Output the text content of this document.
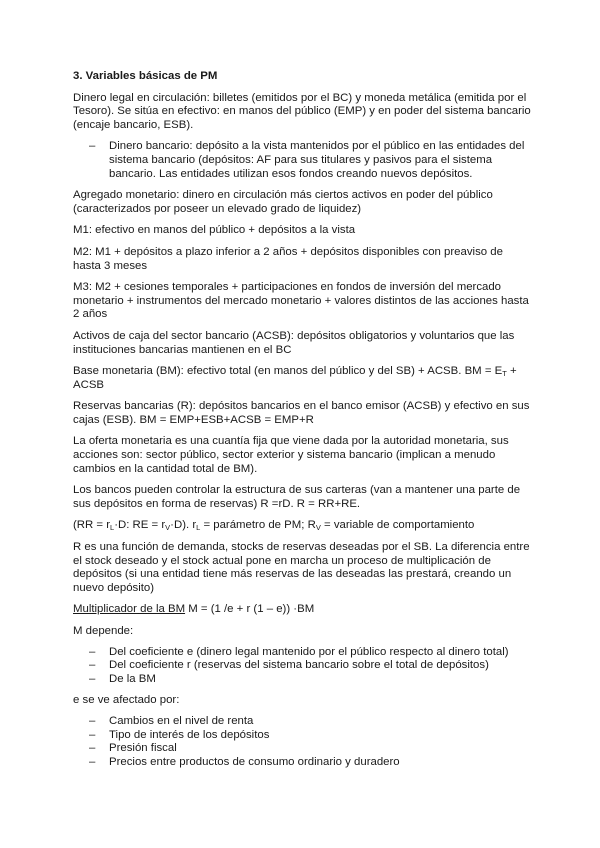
3. Variables básicas de PM

Dinero legal en circulación: billetes (emitidos por el BC) y moneda metálica (emitida por el Tesoro). Se sitúa en efectivo: en manos del público (EMP) y en poder del sistema bancario (encaje bancario, ESB).

– Dinero bancario: depósito a la vista mantenidos por el público en las entidades del sistema bancario (depósitos: AF para sus titulares y pasivos para el sistema bancario. Las entidades utilizan esos fondos creando nuevos depósitos.

Agregado monetario: dinero en circulación más ciertos activos en poder del público (caracterizados por poseer un elevado grado de liquidez)

M1: efectivo en manos del público + depósitos a la vista

M2: M1 + depósitos a plazo inferior a 2 años + depósitos disponibles con preaviso de hasta 3 meses

M3: M2 + cesiones temporales + participaciones en fondos de inversión del mercado monetario + instrumentos del mercado monetario + valores distintos de las acciones hasta 2 años

Activos de caja del sector bancario (ACSB): depósitos obligatorios y voluntarios que las instituciones bancarias mantienen en el BC

Base monetaria (BM): efectivo total (en manos del público y del SB) + ACSB. BM = $E_T$ + ACSB

Reservas bancarias (R): depósitos bancarios en el banco emisor (ACSB) y efectivo en sus cajas (ESB). BM = EMP+ESB+ACSB = EMP+R

La oferta monetaria es una cuantía fija que viene dada por la autoridad monetaria, sus acciones son: sector público, sector exterior y sistema bancario (implican a menudo cambios en la cantidad total de BM).

Los bancos pueden controlar la estructura de sus carteras (van a mantener una parte de sus depósitos en forma de reservas) R =rD. R = RR+RE.

($RR = r_L\cdot D$: RE = $r_V\cdot D$). $r_L$ = parámetro de PM; $R_V$ = variable de comportamiento

R es una función de demanda, stocks de reservas deseadas por el SB. La diferencia entre el stock deseado y el stock actual pone en marcha un proceso de multiplicación de depósitos (si una entidad tiene más reservas de las deseadas las prestará, creando un nuevo depósito)

Multiplicador de la BM M = (1 /e + r (1 – e)) ·BM

M depende:

– Del coeficiente e (dinero legal mantenido por el público respecto al dinero total)
– Del coeficiente r (reservas del sistema bancario sobre el total de depósitos)
– De la BM

e se ve afectado por:

– Cambios en el nivel de renta
– Tipo de interés de los depósitos
– Presión fiscal
– Precios entre productos de consumo ordinario y duradero
